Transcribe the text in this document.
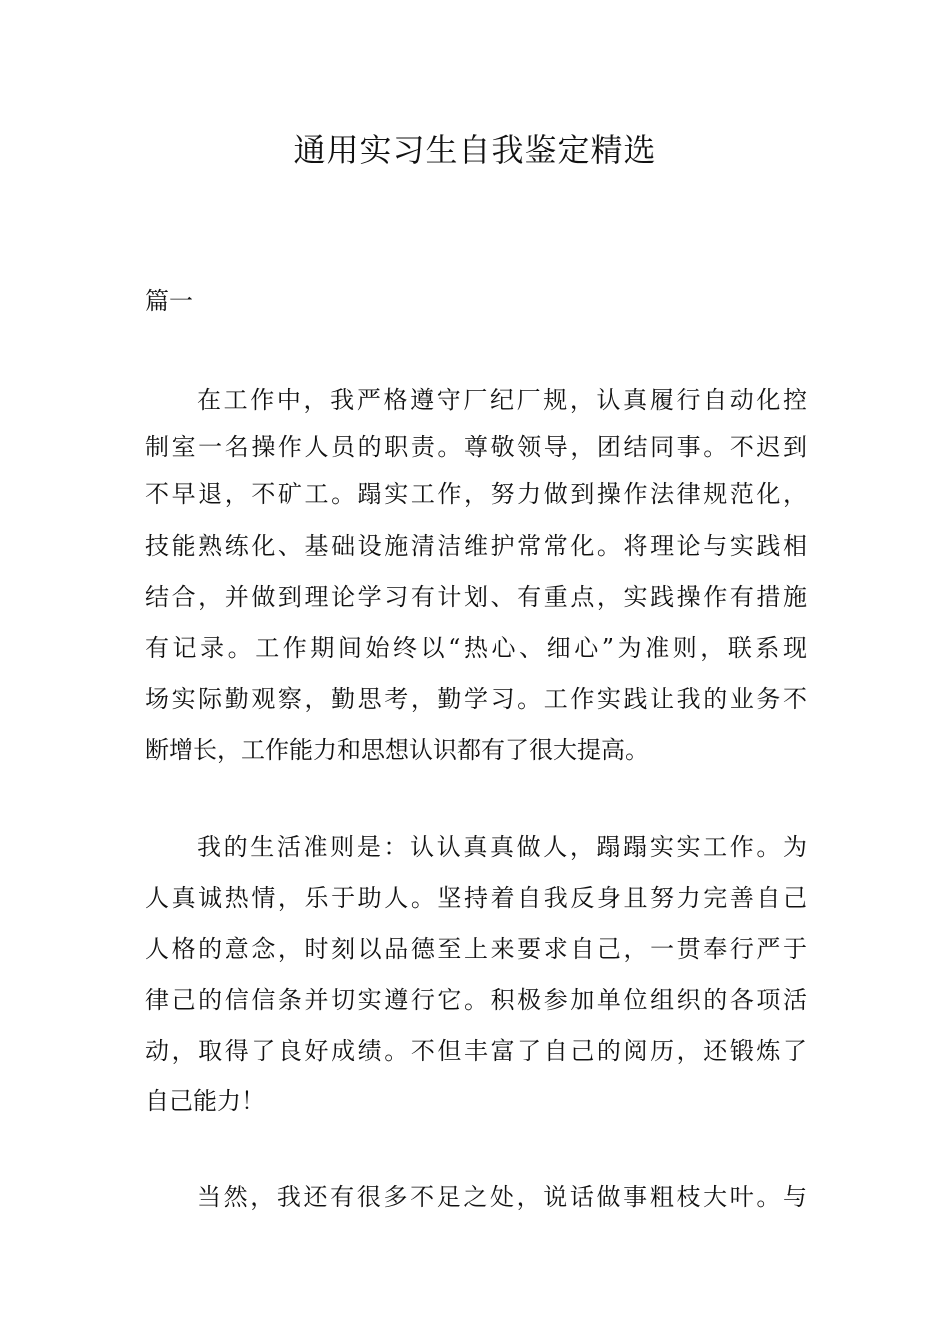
通用实习生自我鉴定精选
篇一
在工作中，我严格遵守厂纪厂规，认真履行自动化控
制室一名操作人员的职责。尊敬领导，团结同事。不迟到
不早退，不矿工。蹋实工作，努力做到操作法律规范化，
技能熟练化、基础设施清洁维护常常化。将理论与实践相
结合，并做到理论学习有计划、有重点，实践操作有措施
有记录。工作期间始终以“热心、细心”为准则，联系现
场实际勤观察，勤思考，勤学习。工作实践让我的业务不
断增长，工作能力和思想认识都有了很大提高。
我的生活准则是：认认真真做人，蹋蹋实实工作。为
人真诚热情，乐于助人。坚持着自我反身且努力完善自己
人格的意念，时刻以品德至上来要求自己，一贯奉行严于
律己的信信条并切实遵行它。积极参加单位组织的各项活
动，取得了良好成绩。不但丰富了自己的阅历，还锻炼了
自己能力！
当然，我还有很多不足之处，说话做事粗枝大叶。与
